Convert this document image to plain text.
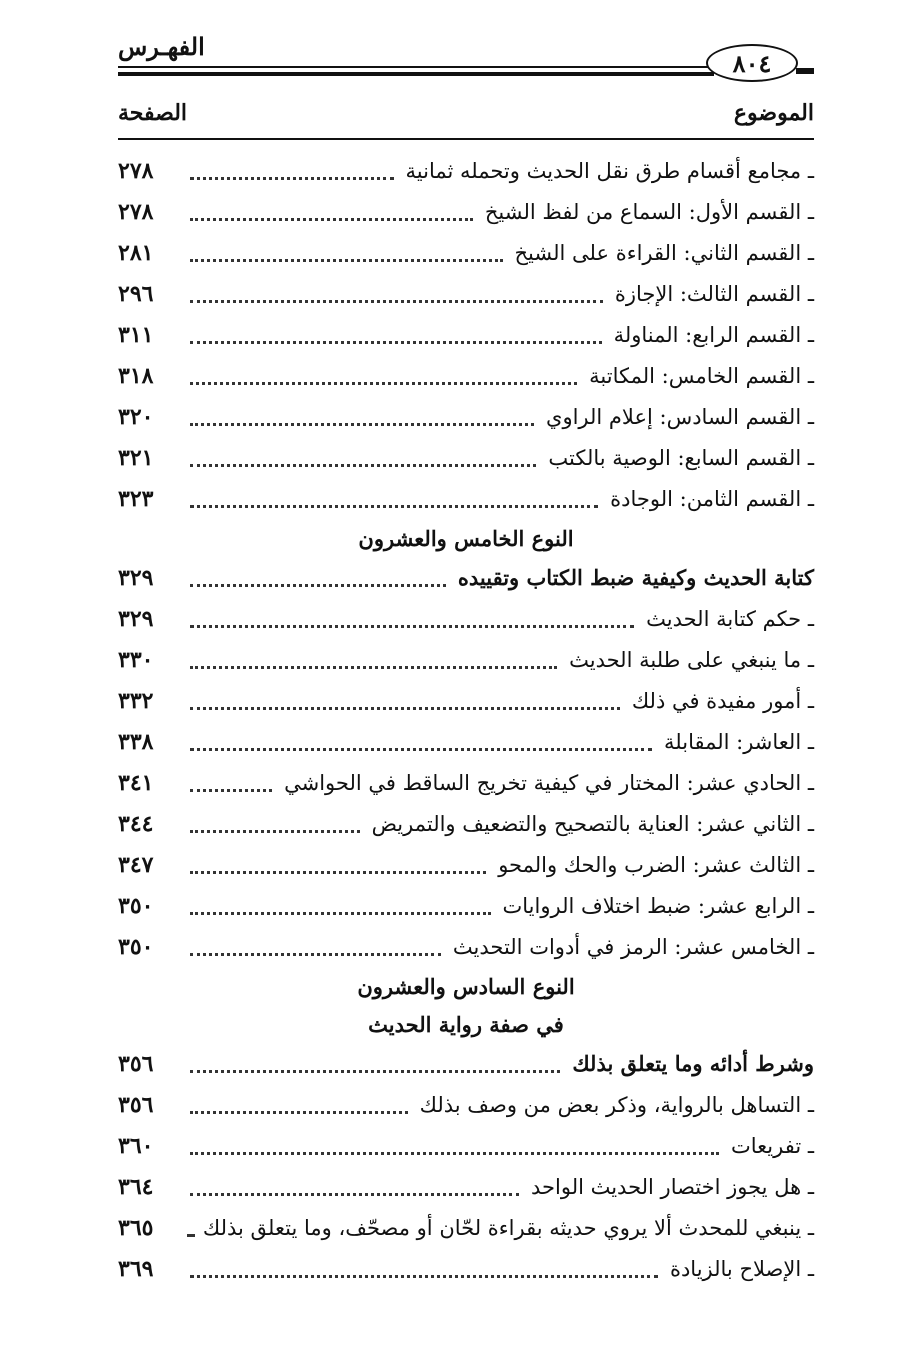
الفهـرس
٨٠٤
الموضوع
الصفحة
ـ مجامع أقسام طرق نقل الحديث وتحمله ثمانية
٢٧٨
ـ القسم الأول: السماع من لفظ الشيخ
٢٧٨
ـ القسم الثاني: القراءة على الشيخ
٢٨١
ـ القسم الثالث: الإجازة
٢٩٦
ـ القسم الرابع: المناولة
٣١١
ـ القسم الخامس: المكاتبة
٣١٨
ـ القسم السادس: إعلام الراوي
٣٢٠
ـ القسم السابع: الوصية بالكتب
٣٢١
ـ القسم الثامن: الوجادة
٣٢٣
النوع الخامس والعشرون
كتابة الحديث وكيفية ضبط الكتاب وتقييده
٣٢٩
ـ حكم كتابة الحديث
٣٢٩
ـ ما ينبغي على طلبة الحديث
٣٣٠
ـ أمور مفيدة في ذلك
٣٣٢
ـ العاشر: المقابلة
٣٣٨
ـ الحادي عشر: المختار في كيفية تخريج الساقط في الحواشي
٣٤١
ـ الثاني عشر: العناية بالتصحيح والتضعيف والتمريض
٣٤٤
ـ الثالث عشر: الضرب والحك والمحو
٣٤٧
ـ الرابع عشر: ضبط اختلاف الروايات
٣٥٠
ـ الخامس عشر: الرمز في أدوات التحديث
٣٥٠
النوع السادس والعشرون
في صفة رواية الحديث
وشرط أدائه وما يتعلق بذلك
٣٥٦
ـ التساهل بالرواية، وذكر بعض من وصف بذلك
٣٥٦
ـ تفريعات
٣٦٠
ـ هل يجوز اختصار الحديث الواحد
٣٦٤
ـ ينبغي للمحدث ألا يروي حديثه بقراءة لحّان أو مصحّف، وما يتعلق بذلك
٣٦٥
ـ الإصلاح بالزيادة
٣٦٩
